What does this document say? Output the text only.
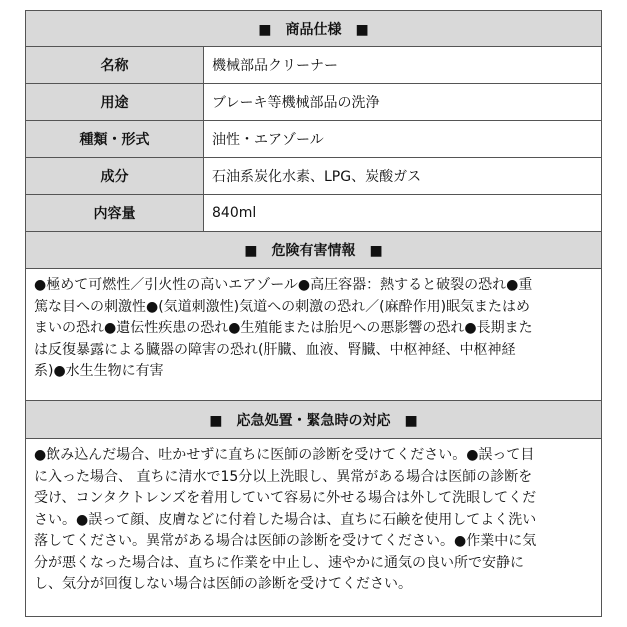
■　商品仕様　■
名称	機械部品クリーナー
用途	ブレーキ等機械部品の洗浄
種類・形式	油性・エアゾール
成分	石油系炭化水素、LPG、炭酸ガス
内容量	840ml
■　危険有害情報　■

●極めて可燃性／引火性の高いエアゾール●高圧容器：熱すると破裂の恐れ●重
篤な目への刺激性●(気道刺激性)気道への刺激の恐れ／(麻酔作用)眠気またはめ
まいの恐れ●遺伝性疾患の恐れ●生殖能または胎児への悪影響の恐れ●長期また
は反復暴露による臓器の障害の恐れ(肝臓、血液、腎臓、中枢神経、中枢神経
系)●水生生物に有害

■　応急処置・緊急時の対応　■

●飲み込んだ場合、吐かせずに直ちに医師の診断を受けてください。●誤って目
に入った場合、 直ちに清水で15分以上洗眼し、異常がある場合は医師の診断を
受け、コンタクトレンズを着用していて容易に外せる場合は外して洗眼してくだ
さい。●誤って顔、皮膚などに付着した場合は、直ちに石鹸を使用してよく洗い
落してください。異常がある場合は医師の診断を受けてください。●作業中に気
分が悪くなった場合は、直ちに作業を中止し、速やかに通気の良い所で安静に
し、気分が回復しない場合は医師の診断を受けてください。
